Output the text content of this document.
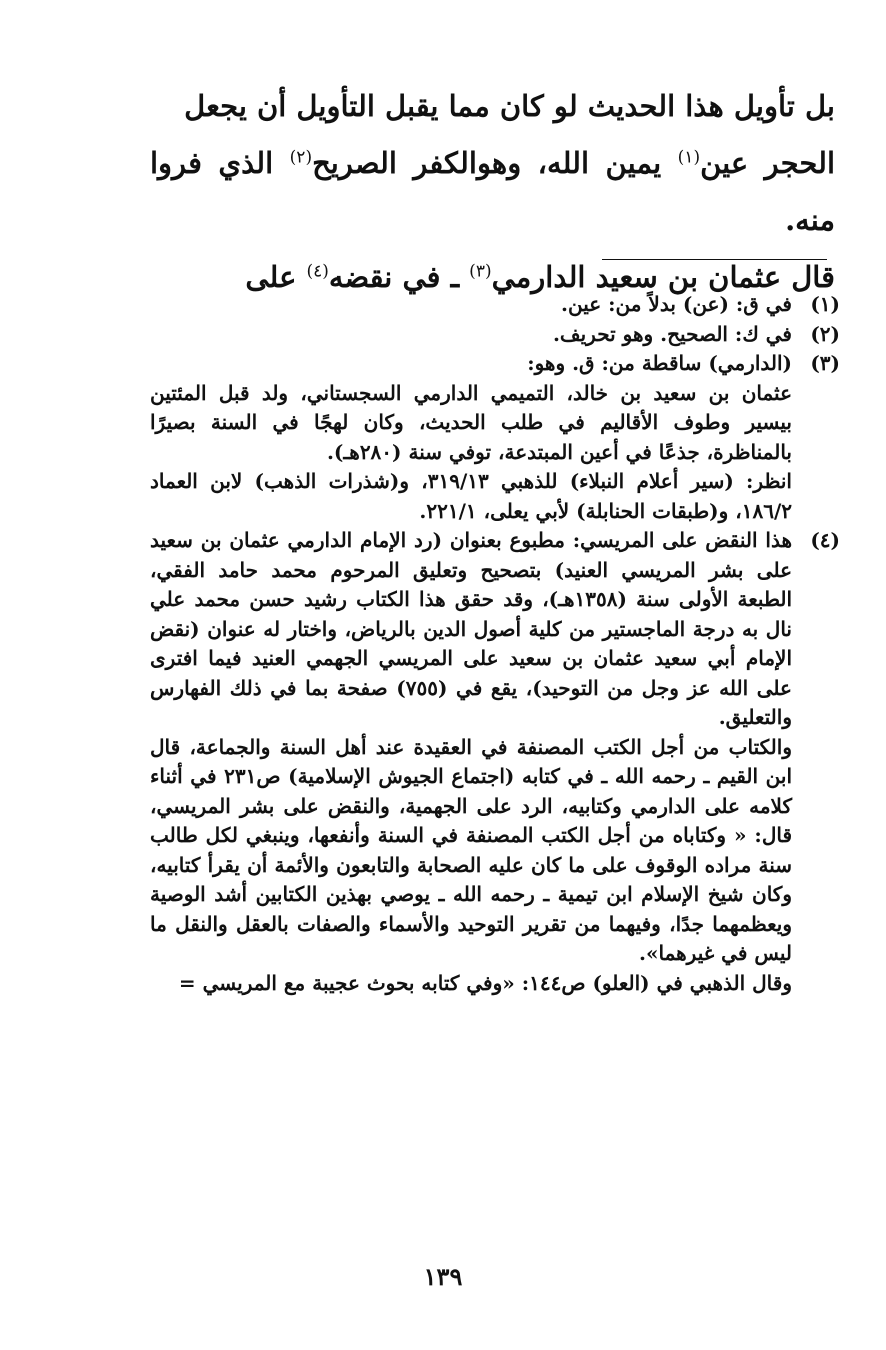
بل تأويل هذا الحديث لو كان مما يقبل التأويل أن يجعل

الحجر عين$^{(١)}$ يمين الله، وهوالكفر الصريح$^{(٢)}$ الذي فروا منه.

قال عثمان بن سعيد الدارمي$^{(٣)}$ ـ في نقضه$^{(٤)}$ على

(١)

في ق: (عن) بدلاً من: عين.

(٢)

في ك: الصحيح. وهو تحريف.

(٣)

(الدارمي) ساقطة من: ق. وهو:

عثمان بن سعيد بن خالد، التميمي الدارمي السجستاني، ولد قبل المئتين بيسير وطوف الأقاليم في طلب الحديث، وكان لهجًا في السنة بصيرًا بالمناظرة، جذعًا في أعين المبتدعة، توفي سنة (٢٨٠هـ).

انظر: (سير أعلام النبلاء) للذهبي ٣١٩/١٣، و(شذرات الذهب) لابن العماد ١٨٦/٢، و(طبقات الحنابلة) لأبي يعلى، ٢٢١/١.

(٤)

هذا النقض على المريسي: مطبوع بعنوان (رد الإمام الدارمي عثمان بن سعيد على بشر المريسي العنيد) بتصحيح وتعليق المرحوم محمد حامد الفقي، الطبعة الأولى سنة (١٣٥٨هـ)، وقد حقق هذا الكتاب رشيد حسن محمد علي نال به درجة الماجستير من كلية أصول الدين بالرياض، واختار له عنوان (نقض الإمام أبي سعيد عثمان بن سعيد على المريسي الجهمي العنيد فيما افترى على الله عز وجل من التوحيد)، يقع في (٧٥٥) صفحة بما في ذلك الفهارس والتعليق.

والكتاب من أجل الكتب المصنفة في العقيدة عند أهل السنة والجماعة، قال ابن القيم ـ رحمه الله ـ في كتابه (اجتماع الجيوش الإسلامية) ص٢٣١ في أثناء كلامه على الدارمي وكتابيه، الرد على الجهمية، والنقض على بشر المريسي، قال: « وكتاباه من أجل الكتب المصنفة في السنة وأنفعها، وينبغي لكل طالب سنة مراده الوقوف على ما كان عليه الصحابة والتابعون والأئمة أن يقرأ كتابيه، وكان شيخ الإسلام ابن تيمية ـ رحمه الله ـ يوصي بهذين الكتابين أشد الوصية ويعظمهما جدًا، وفيهما من تقرير التوحيد والأسماء والصفات بالعقل والنقل ما ليس في غيرهما».

وقال الذهبي في (العلو) ص١٤٤: «وفي كتابه بحوث عجيبة مع المريسي =

١٣٩
